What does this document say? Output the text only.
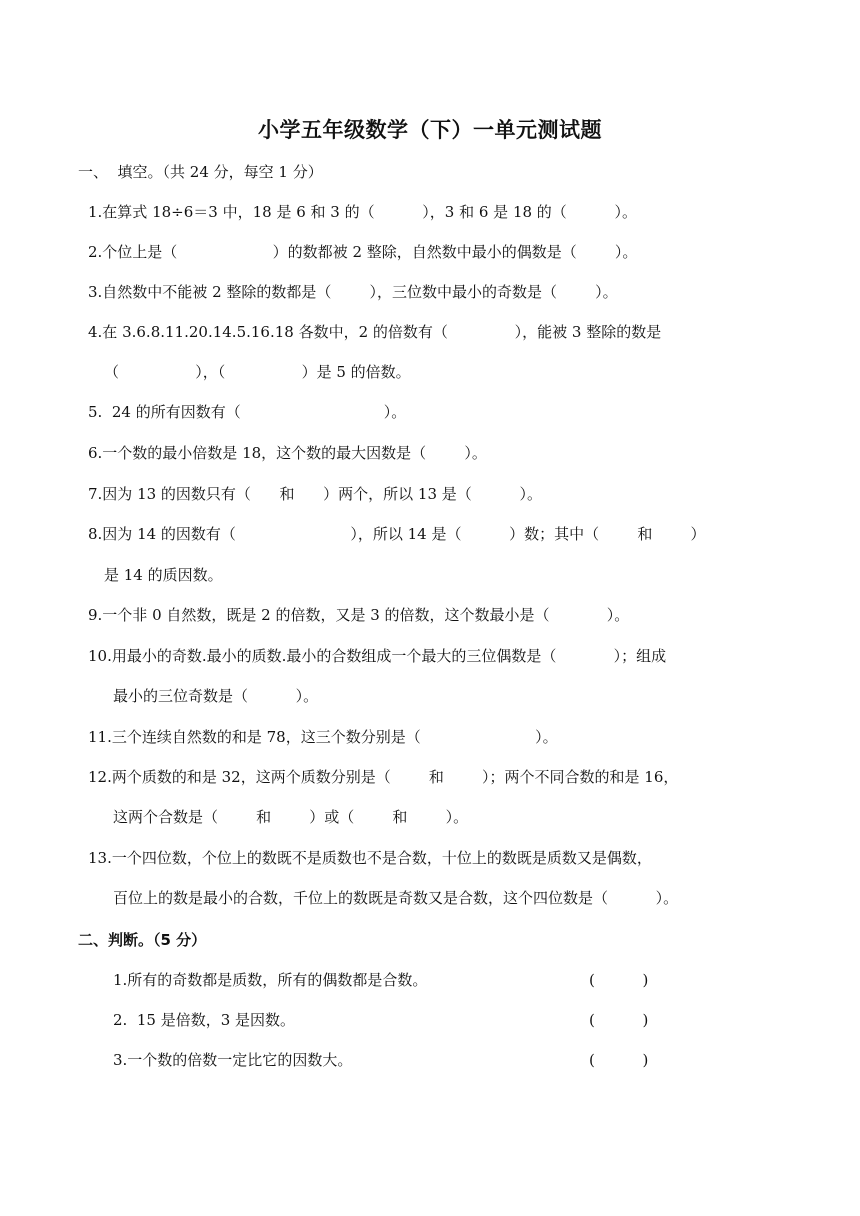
小学五年级数学（下）一单元测试题
一、  填空。（共 24 分，每空 1 分）
1.在算式 18÷6＝3 中，18 是 6 和 3 的（          ），3 和 6 是 18 的（          ）。
2.个位上是（                    ）的数都被 2 整除，自然数中最小的偶数是（        ）。
3.自然数中不能被 2 整除的数都是（        ），三位数中最小的奇数是（        ）。
4.在 3.6.8.11.20.14.5.16.18 各数中，2 的倍数有（              ），能被 3 整除的数是
（                ），（                ）是 5 的倍数。
5.  24 的所有因数有（                              ）。
6.一个数的最小倍数是 18，这个数的最大因数是（        ）。
7.因为 13 的因数只有（      和      ）两个，所以 13 是（          ）。
8.因为 14 的因数有（                        ），所以 14 是（          ）数；其中（        和        ）
是 14 的质因数。
9.一个非 0 自然数，既是 2 的倍数，又是 3 的倍数，这个数最小是（            ）。
10.用最小的奇数.最小的质数.最小的合数组成一个最大的三位偶数是（            ）；组成
最小的三位奇数是（          ）。
11.三个连续自然数的和是 78，这三个数分别是（                        ）。
12.两个质数的和是 32，这两个质数分别是（        和        ）；两个不同合数的和是 16，
这两个合数是（        和        ）或（        和        ）。
13.一个四位数，个位上的数既不是质数也不是合数，十位上的数既是质数又是偶数，
百位上的数是最小的合数，千位上的数既是奇数又是合数，这个四位数是（          ）。
二、判断。（5 分）
1.所有的奇数都是质数，所有的偶数都是合数。	(          )
2.  15 是倍数，3 是因数。	(          )
3.一个数的倍数一定比它的因数大。	(          )
